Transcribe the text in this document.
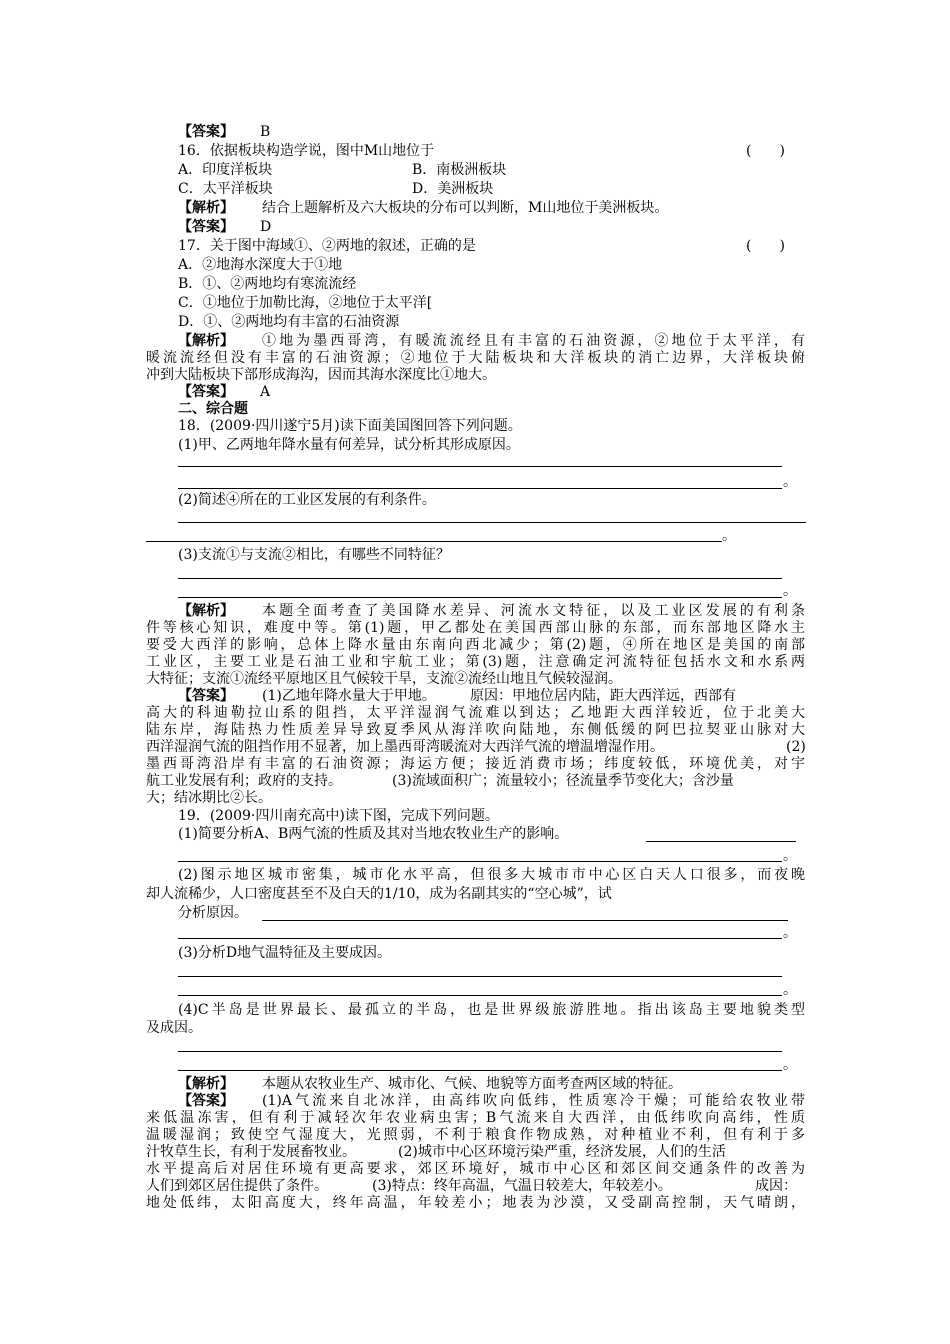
【答案】 B
16．依据板块构造学说，图中M山地位于	(　　)
A．印度洋板块	B．南极洲板块
C．太平洋板块	D．美洲板块
【解析】 结合上题解析及六大板块的分布可以判断，M山地位于美洲板块。
【答案】 D
17．关于图中海域①、②两地的叙述，正确的是	(　　)
A．②地海水深度大于①地
B．①、②两地均有寒流流经
C．①地位于加勒比海，②地位于太平洋[
D．①、②两地均有丰富的石油资源
【解析】 ①地为墨西哥湾，有暖流流经且有丰富的石油资源，②地位于太平洋，有
暖流流经但没有丰富的石油资源；②地位于大陆板块和大洋板块的消亡边界，大洋板块俯
冲到大陆板块下部形成海沟，因而其海水深度比①地大。
【答案】 A
二、综合题
18．(2009·四川遂宁5月)读下面美国图回答下列问题。
(1)甲、乙两地年降水量有何差异，试分析其形成原因。
。
(2)简述④所在的工业区发展的有利条件。
。
(3)支流①与支流②相比，有哪些不同特征？
。
【解析】 本题全面考查了美国降水差异、河流水文特征，以及工业区发展的有利条
件等核心知识，难度中等。第(1)题，甲乙都处在美国西部山脉的东部，而东部地区降水主
要受大西洋的影响，总体上降水量由东南向西北减少；第(2)题，④所在地区是美国的南部
工业区，主要工业是石油工业和宇航工业；第(3)题，注意确定河流特征包括水文和水系两
大特征；支流①流经平原地区且气候较干旱，支流②流经山地且气候较湿润。
【答案】 (1)乙地年降水量大于甲地。 原因：甲地位居内陆，距大西洋远，西部有
高大的科迪勒拉山系的阻挡，太平洋湿润气流难以到达；乙地距大西洋较近，位于北美大
陆东岸，海陆热力性质差异导致夏季风从海洋吹向陆地，东侧低缓的阿巴拉契亚山脉对大
西洋湿润气流的阻挡作用不显著，加上墨西哥湾暖流对大西洋气流的增温增湿作用。	(2)
墨西哥湾沿岸有丰富的石油资源；海运方便；接近消费市场；纬度较低，环境优美，对宇
航工业发展有利；政府的支持。	(3)流域面积广；流量较小；径流量季节变化大；含沙量
大；结冰期比②长。
19．(2009·四川南充高中)读下图，完成下列问题。
(1)简要分析A、B两气流的性质及其对当地农牧业生产的影响。
。
(2)图示地区城市密集，城市化水平高，但很多大城市市中心区白天人口很多，而夜晚
却人流稀少，人口密度甚至不及白天的1/10，成为名副其实的“空心城”，试
分析原因。
。
(3)分析D地气温特征及主要成因。
。
(4)C半岛是世界最长、最孤立的半岛，也是世界级旅游胜地。指出该岛主要地貌类型
及成因。
。
【解析】 本题从农牧业生产、城市化、气候、地貌等方面考查两区域的特征。
【答案】 (1)A气流来自北冰洋，由高纬吹向低纬，性质寒冷干燥；可能给农牧业带
来低温冻害，但有利于减轻次年农业病虫害；B气流来自大西洋，由低纬吹向高纬，性质
温暖湿润；致使空气湿度大，光照弱，不利于粮食作物成熟，对种植业不利，但有利于多
汁牧草生长，有利于发展畜牧业。	(2)城市中心区环境污染严重，经济发展，人们的生活
水平提高后对居住环境有更高要求，郊区环境好，城市中心区和郊区间交通条件的改善为
人们到郊区居住提供了条件。	(3)特点：终年高温，气温日较差大，年较差小。	成因：
地处低纬，太阳高度大，终年高温，年较差小；地表为沙漠，又受副高控制，天气晴朗，
